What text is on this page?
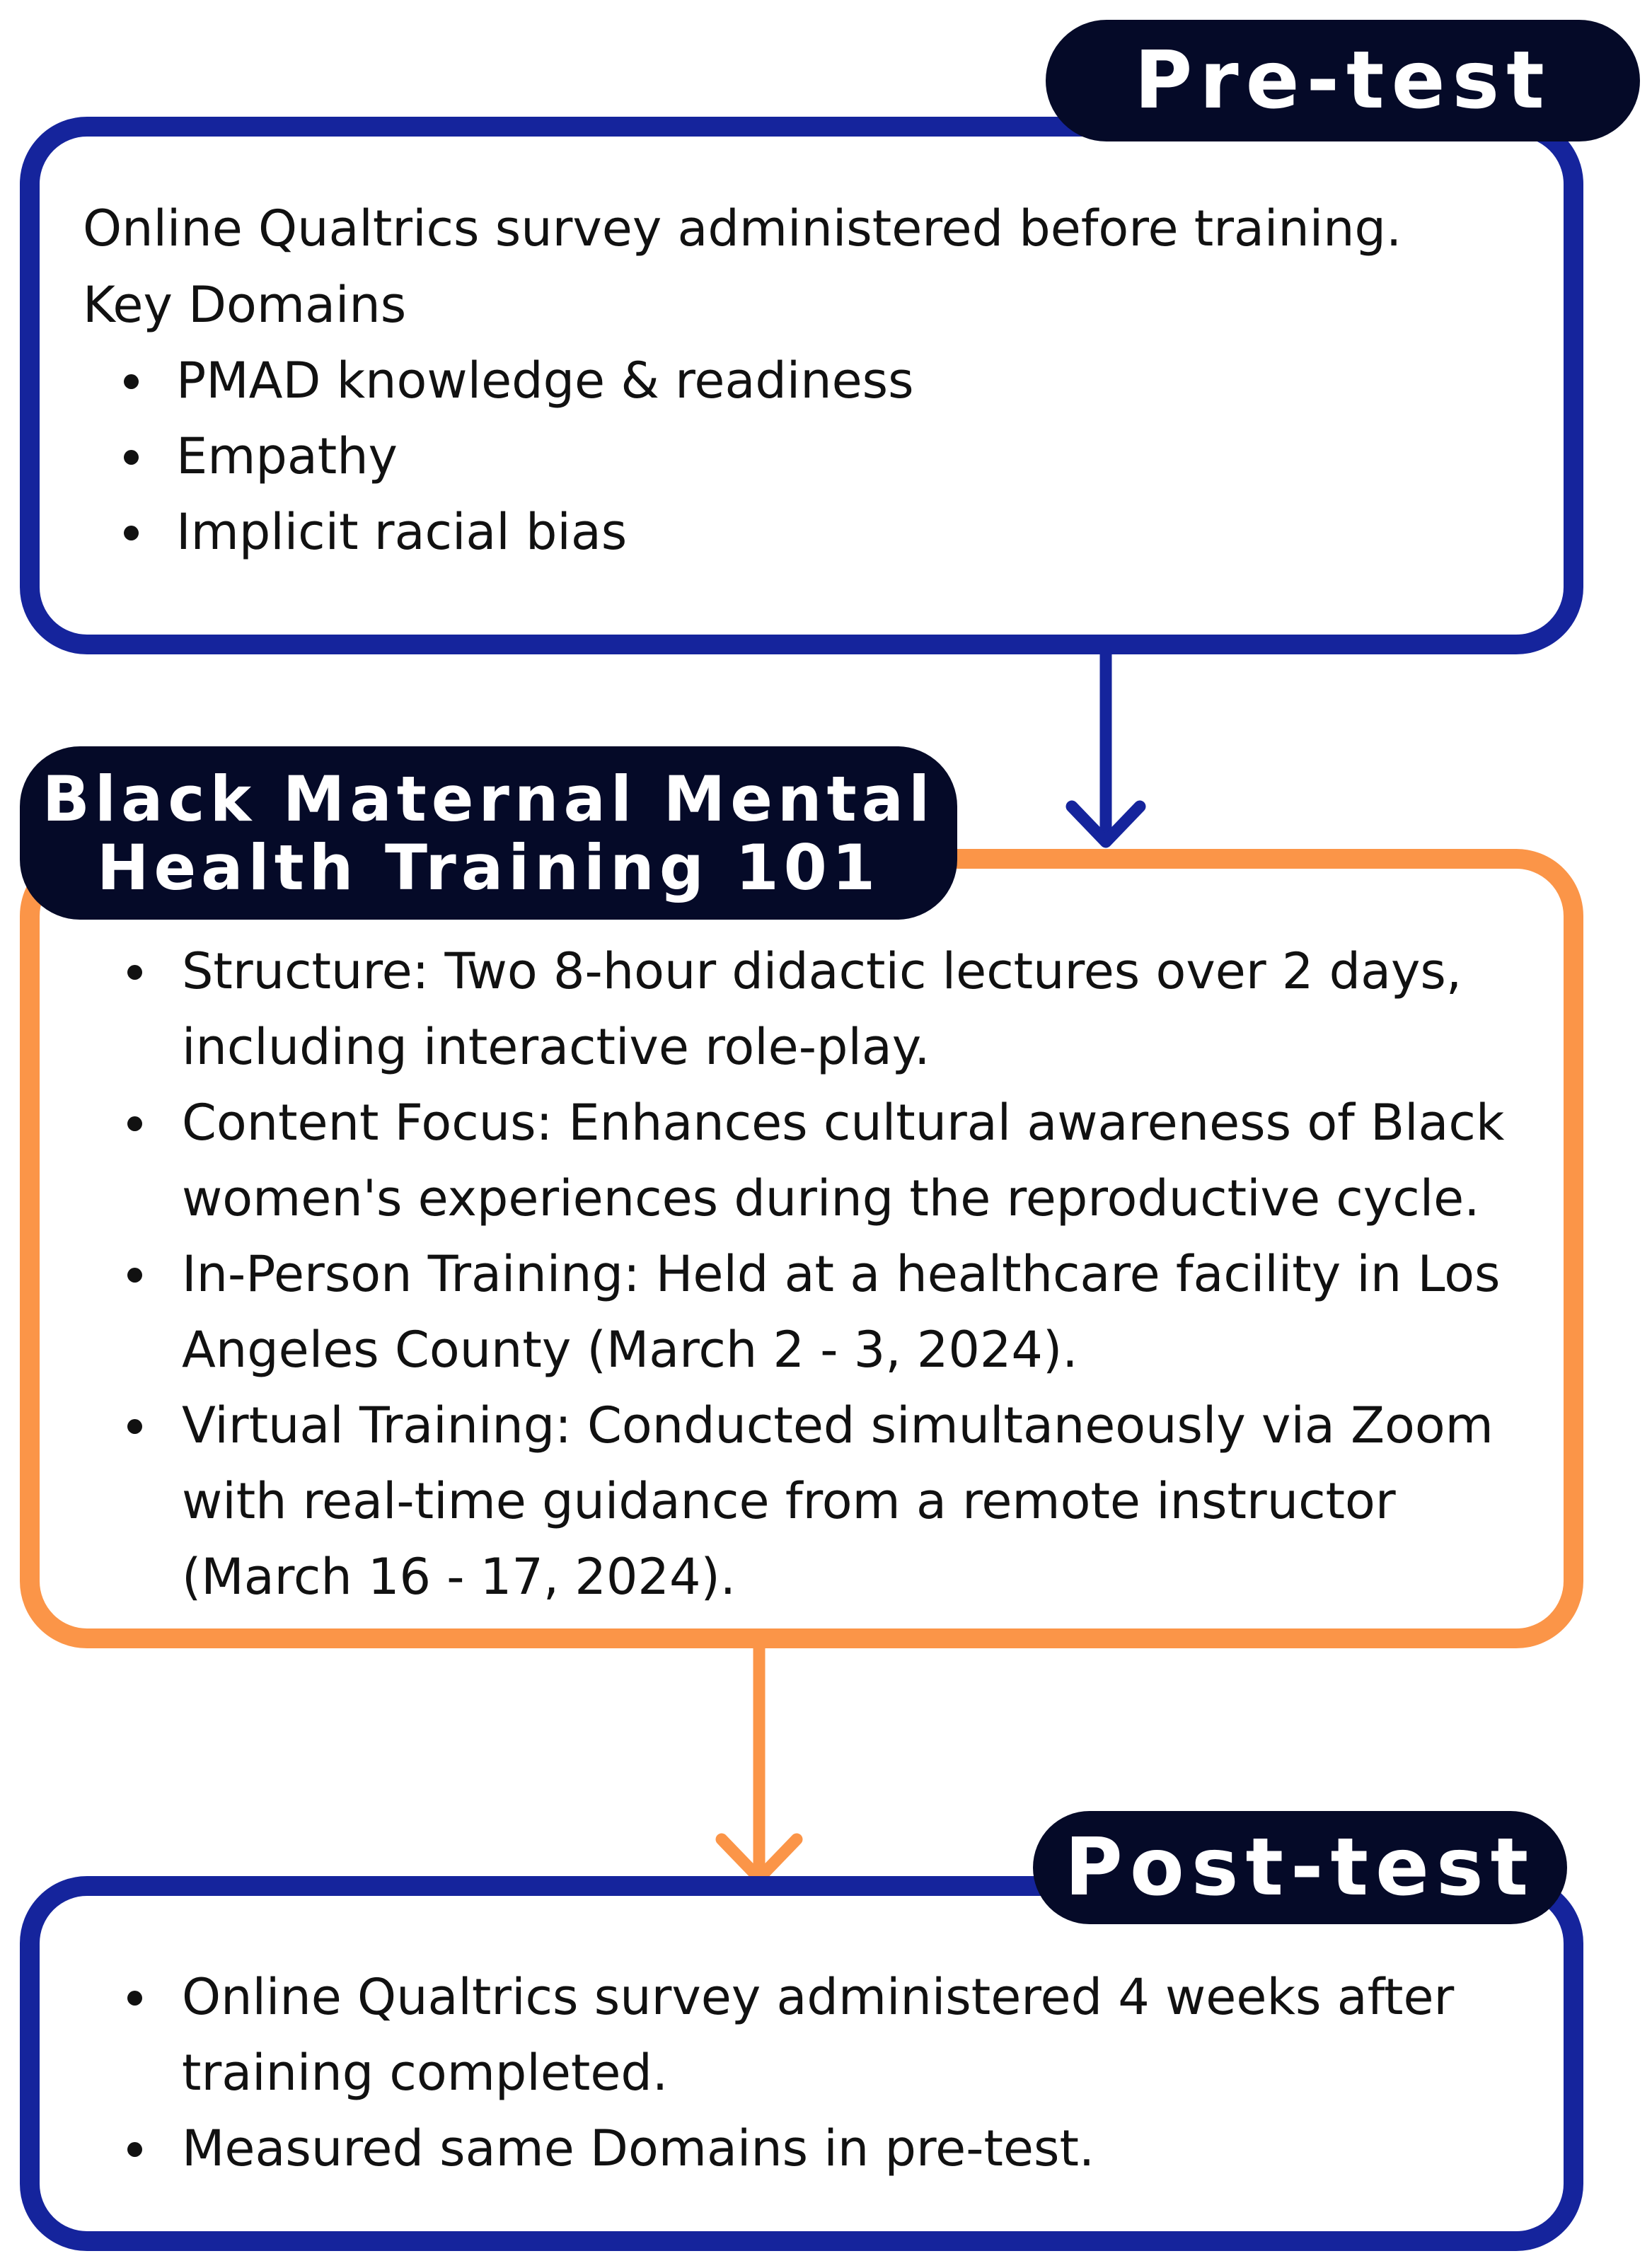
Online Qualtrics survey administered before training.

Key Domains

PMAD knowledge & readiness
Empathy
Implicit racial bias
Pre-test
Structure: Two 8-hour didactic lectures over 2 days, including interactive role-play.
Content Focus: Enhances cultural awareness of Black women's experiences during the reproductive cycle.
In-Person Training: Held at a healthcare facility in Los Angeles County (March 2 - 3, 2024).
Virtual Training: Conducted simultaneously via Zoom with real-time guidance from a remote instructor (March 16 - 17, 2024).
Black Maternal Mental
Health Training 101
Online Qualtrics survey administered 4 weeks after training completed.
Measured same Domains in pre-test.
Post-test
